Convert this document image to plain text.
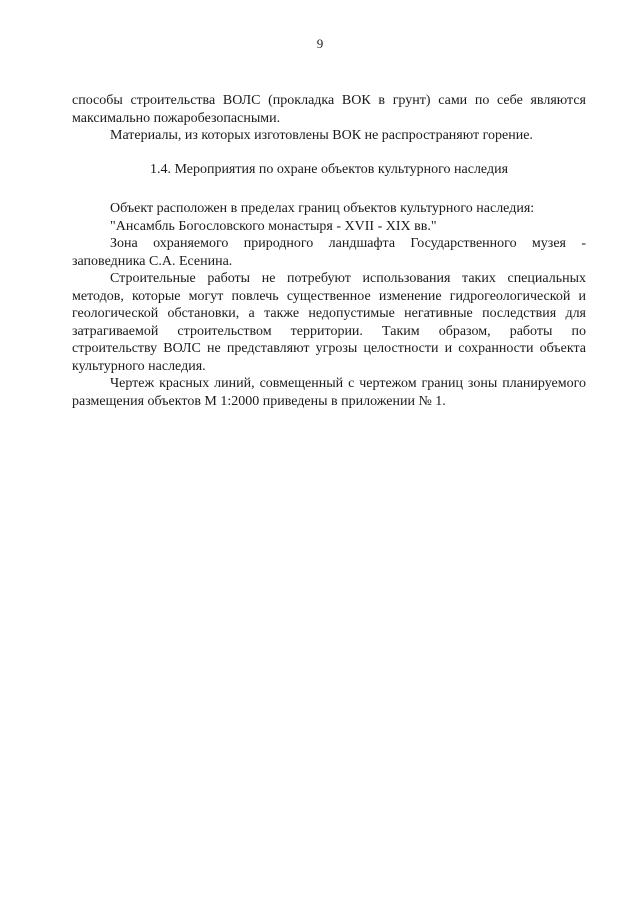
9

способы строительства ВОЛС (прокладка ВОК в грунт) сами по себе являются
максимально пожаробезопасными.

Материалы, из которых изготовлены ВОК не распространяют горение.

1.4. Мероприятия по охране объектов культурного наследия

Объект расположен в пределах границ объектов культурного наследия:
"Ансамбль Богословского монастыря - XVII - XIX вв."

Зона охраняемого природного ландшафта Государственного музея -
заповедника С.А. Есенина.

Строительные работы не потребуют использования таких специальных
методов, которые могут повлечь существенное изменение гидрогеологической и
геологической обстановки, а также недопустимые негативные последствия для
затрагиваемой строительством территории. Таким образом, работы по
строительству ВОЛС не представляют угрозы целостности и сохранности объекта
культурного наследия.

Чертеж красных линий, совмещенный с чертежом границ зоны планируемого
размещения объектов М 1:2000 приведены в приложении № 1.
